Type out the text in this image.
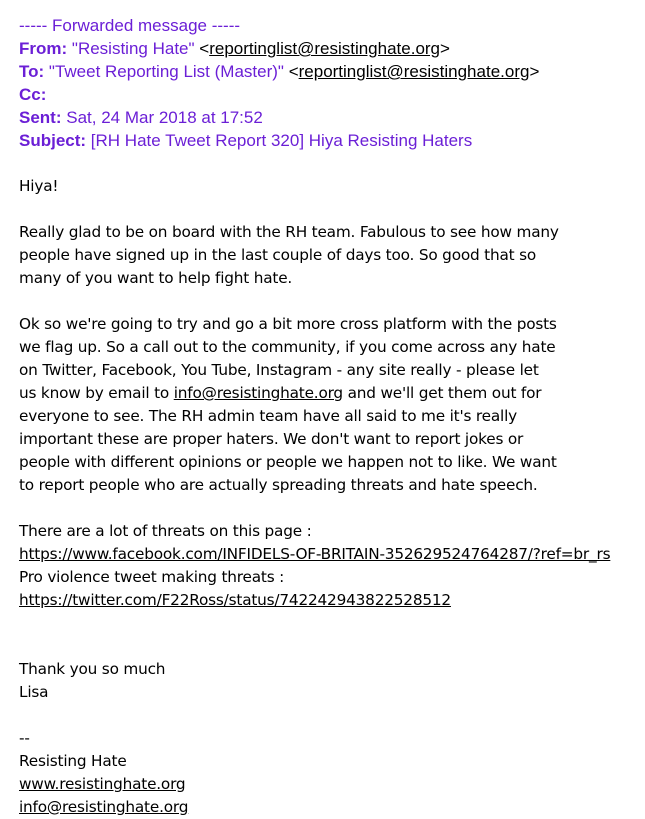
----- Forwarded message -----
From: "Resisting Hate" <reportinglist@resistinghate.org>
To: "Tweet Reporting List (Master)" <reportinglist@resistinghate.org>
Cc:
Sent: Sat, 24 Mar 2018 at 17:52
Subject: [RH Hate Tweet Report 320] Hiya Resisting Haters

Hiya!

Really glad to be on board with the RH team. Fabulous to see how many

people have signed up in the last couple of days too. So good that so

many of you want to help fight hate.

Ok so we're going to try and go a bit more cross platform with the posts

we flag up. So a call out to the community, if you come across any hate

on Twitter, Facebook, You Tube, Instagram - any site really - please let

us know by email to info@resistinghate.org and we'll get them out for

everyone to see. The RH admin team have all said to me it's really

important these are proper haters. We don't want to report jokes or

people with different opinions or people we happen not to like. We want

to report people who are actually spreading threats and hate speech.

There are a lot of threats on this page :

https://www.facebook.com/INFIDELS-OF-BRITAIN-352629524764287/?ref=br_rs

Pro violence tweet making threats :

https://twitter.com/F22Ross/status/742242943822528512

Thank you so much

Lisa

--

Resisting Hate

www.resistinghate.org

info@resistinghate.org
